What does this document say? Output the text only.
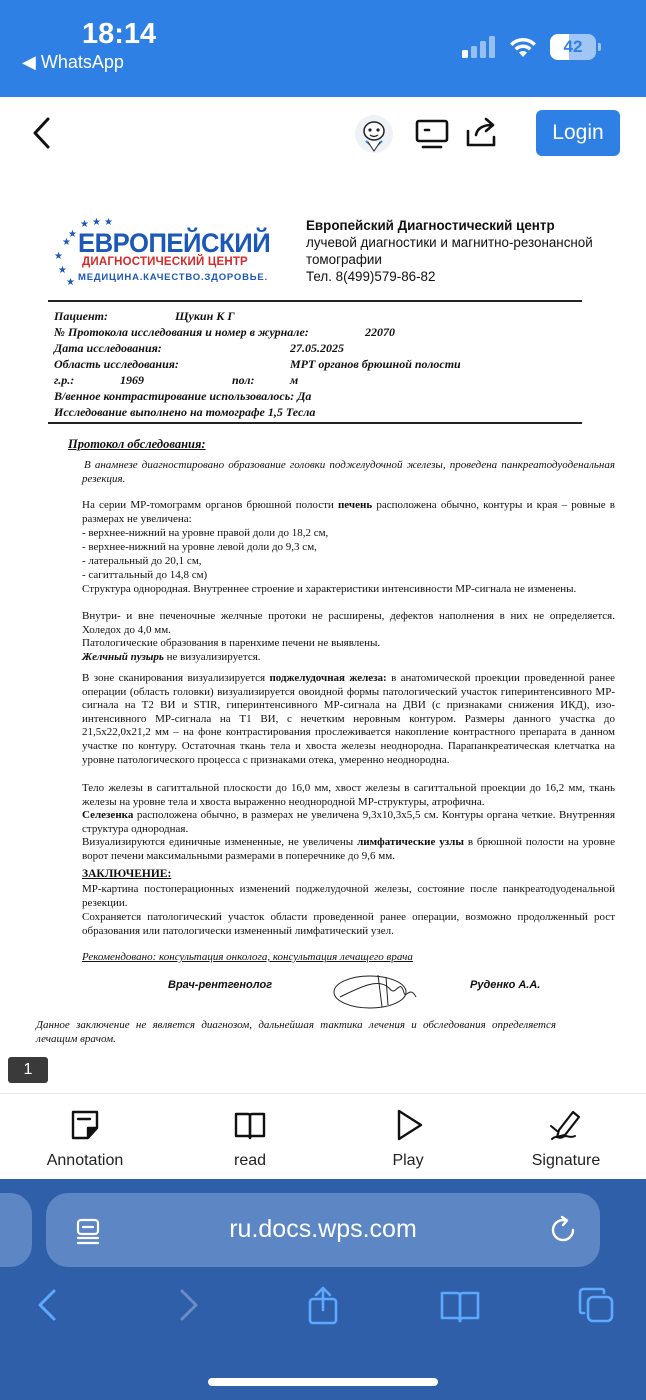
18:14
◀ WhatsApp
42
Login
★
★
★
★
★ ★ ★
★
ЕВРОПЕЙСКИЙ
ДИАГНОСТИЧЕСКИЙ ЦЕНТР
МЕДИЦИНА.КАЧЕСТВО.ЗДОРОВЬЕ.
Европейский Диагностический центр
лучевой диагностики и магнитно-резонансной
томографии
Тел. 8(499)579-86-82
Пациент:	Щукин К Г
№ Протокола исследования и номер в журнале:	22070
Дата исследования:	27.05.2025
Область исследования:	МРТ органов брюшной полости
г.р.:	1969	пол:	м
В/венное контрастирование использовалось: Да
Исследование выполнено на томографе 1,5 Тесла
Протокол обследования:
В анамнезе диагностировано образование головки поджелудочной железы, проведена панкреатодуоденальная резекция.
На серии МР-томограмм органов брюшной полости печень расположена обычно, контуры и края – ровные в размерах не увеличена:
- верхнее-нижний на уровне правой доли до 18,2 см,
- верхнее-нижний на уровне левой доли до 9,3 см,
- латеральный до 20,1 см,
- сагиттальный до 14,8 см)
Структура однородная. Внутреннее строение и характеристики интенсивности МР-сигнала не изменены.
Внутри- и вне печеночные желчные протоки не расширены, дефектов наполнения в них не определяется. Холедох до 4,0 мм.
Патологические образования в паренхиме печени не выявлены.
Желчный пузырь не визуализируется.
В зоне сканирования визуализируется поджелудочная железа: в анатомической проекции проведенной ранее операции (область головки) визуализируется овоидной формы патологический участок гиперинтенсивного МР-сигнала на Т2 ВИ и STIR, гиперинтенсивного МР-сигнала на ДВИ (с признаками снижения ИКД), изо-интенсивного МР-сигнала на Т1 ВИ, с нечетким неровным контуром. Размеры данного участка до 21,5х22,0х21,2 мм – на фоне контрастирования прослеживается накопление контрастного препарата в данном участке по контуру. Остаточная ткань тела и хвоста железы неоднородна. Парапанкреатическая клетчатка на уровне патологического процесса с признаками отека, умеренно неоднородна.
Тело железы в сагиттальной плоскости до 16,0 мм, хвост железы в сагиттальной проекции до 16,2 мм, ткань железы на уровне тела и хвоста выраженно неоднородной МР-структуры, атрофична.
Селезенка расположена обычно, в размерах не увеличена 9,3х10,3х5,5 см. Контуры органа четкие. Внутренняя структура однородная.
Визуализируются единичные измененные, не увеличены лимфатические узлы в брюшной полости на уровне ворот печени максимальными размерами в поперечнике до 9,6 мм.
ЗАКЛЮЧЕНИЕ:
МР-картина постоперационных изменений поджелудочной железы, состояние после панкреатодуоденальной резекции.
Сохраняется патологический участок области проведенной ранее операции, возможно продолженный рост образования или патологически измененный лимфатический узел.
Рекомендовано: консультация онколога, консультация лечащего врача
Врач-рентгенолог	Руденко А.А.
Данное заключение не является диагнозом, дальнейшая тактика лечения и обследования определяется лечащим врачом.
1
Annotation	read	Play	Signature
ru.docs.wps.com
